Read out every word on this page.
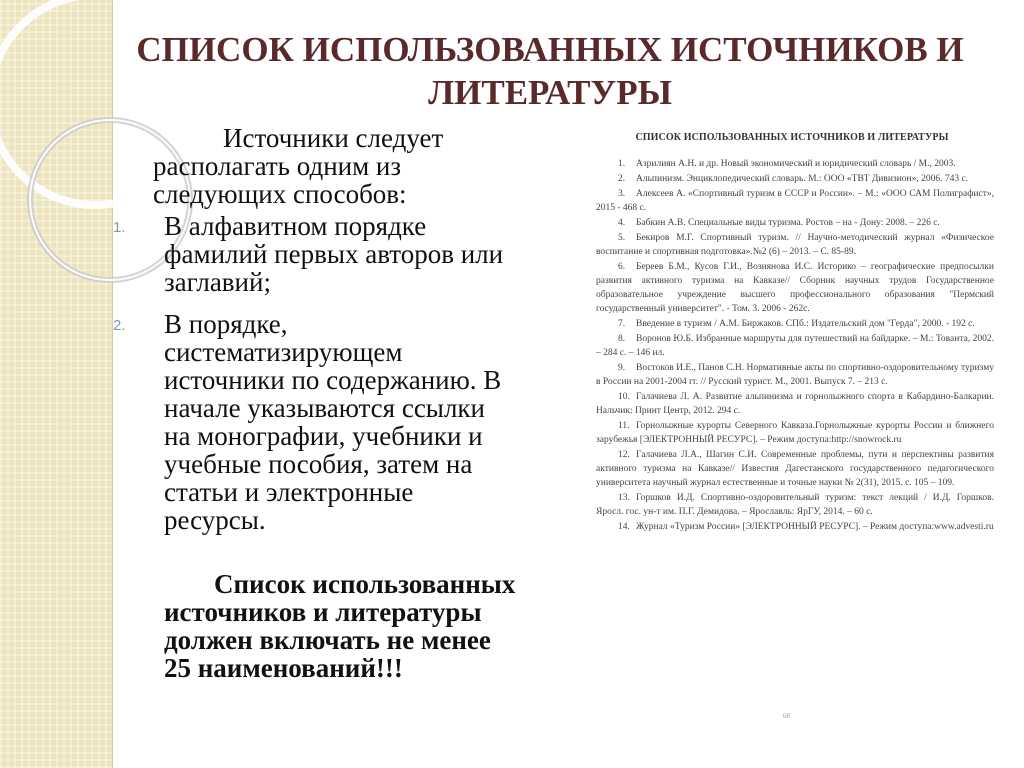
СПИСОК ИСПОЛЬЗОВАННЫХ ИСТОЧНИКОВ И
ЛИТЕРАТУРЫ
Источники следует
располагать одним из
следующих способов:
1. В алфавитном порядке
фамилий первых авторов или
заглавий;
2. В порядке,
систематизирующем
источники по содержанию. В
начале указываются ссылки
на монографии, учебники и
учебные пособия, затем на
статьи и электронные
ресурсы.
Список использованных
источников и литературы
должен включать не менее
25 наименований!!!
СПИСОК ИСПОЛЬЗОВАННЫХ ИСТОЧНИКОВ И ЛИТЕРАТУРЫ
1. Азрилиян А.Н. и др. Новый экономический и юридический словарь / М., 2003.
2. Альпинизм. Энциклопедический словарь. М.: ООО «ТВТ Дивизион», 2006. 743 с.
3. Алексеев А. «Спортивный туризм в СССР и России». – М.: «ООО САМ Полиграфист», 2015 - 468 с.
4. Бабкин А.В. Специальные виды туризма. Ростов – на - Дону: 2008. – 226 с.
5. Бекиров М.Г. Спортивный туризм. // Научно-методический журнал «Физическое воспитание и спортивная подготовка».№2 (6) – 2013. – С. 85-89.
6. Береев Б.М., Кусов Г.И., Возиянова И.С. Историко – географические предпосылки развития активного туризма на Кавказе// Сборник научных трудов Государственное образовательное учреждение высшего профессионального образования "Пермский государственный университет". - Том. 3. 2006 - 262с.
7. Введение в туризм / А.М. Биржаков. СПб.: Издательский дом "Герда", 2000. - 192 с.
8. Воронов Ю.Б. Избранные маршруты для путешествий на байдарке. – М.: Тованта, 2002. – 284 с. – 146 ил.
9. Востоков И.Е., Панов С.Н. Нормативные акты по спортивно-оздоровительному туризму в России на 2001-2004 гг. // Русский турист. М., 2001. Выпуск 7. – 213 с.
10. Галачиева Л. А. Развитие альпинизма и горнолыжного спорта в Кабардино-Балкарии. Нальчик: Принт Центр, 2012. 294 с.
11. Горнолыжные курорты Северного Кавказа.Горнолыжные курорты России и ближнего зарубежья [ЭЛЕКТРОННЫЙ РЕСУРС]. – Режим доступа:http://snowrock.ru
12. Галачиева Л.А., Шагин С.И. Современные проблемы, пути и перспективы развития активного туризма на Кавказе// Известия Дагестанского государственного педагогического университета научный журнал естественные и точные науки № 2(31), 2015. с. 105 – 109.
13. Горшков И.Д. Спортивно-оздоровительный туризм: текст лекций / И.Д. Горшков. Яросл. гос. ун-т им. П.Г. Демидова. – Ярославль: ЯрГУ, 2014. – 60 с.
14. Журнал «Туризм России» [ЭЛЕКТРОННЫЙ РЕСУРС]. – Режим доступа:www.advesti.ru
68
